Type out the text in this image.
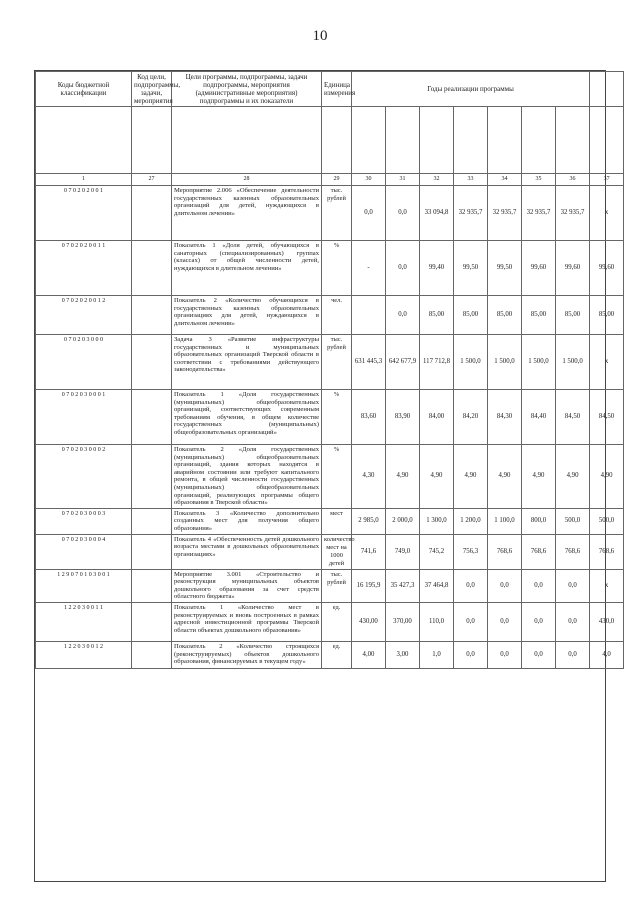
10
Коды бюджетной классификации	Код цели, подпрограммы, задачи, мероприятия	Цели программы, подпрограммы, задачи подпрограммы, мероприятия (административные мероприятия) подпрограммы и их показатели	Единица измерения	Годы реализации программы							

1	27	28	29	30	31	32	33	34	35	36	37
0 7 0 2 0 2 0 0 1		Мероприятие 2.006 «Обеспечение деятельности государственных казенных образовательных организаций для детей, нуждающихся в длительном лечении»	тыс. рублей	0,0	0,0	33 094,8	32 935,7	32 935,7	32 935,7	32 935,7	x
0 7 0 2 0 2 0 0 1 1		Показатель 1 «Доля детей, обучающихся в санаторных (специализированных) группах (классах) от общей численности детей, нуждающихся в длительном лечении»	%	-	0,0	99,40	99,50	99,50	99,60	99,60	99,60
0 7 0 2 0 2 0 0 1 2		Показатель 2 «Количество обучающихся в государственных казенных образовательных организациях для детей, нуждающихся в длительном лечении»	чел.		0,0	85,00	85,00	85,00	85,00	85,00	85,00
0 7 0 2 0 3 0 0 0		Задача 3 «Развитие инфраструктуры государственных и муниципальных образовательных организаций Тверской области в соответствии с требованиями действующего законодательства»	тыс. рублей	631 445,3	642 677,9	117 712,8	1 500,0	1 500,0	1 500,0	1 500,0	x
0 7 0 2 0 3 0 0 0 1		Показатель 1 «Доля государственных (муниципальных) общеобразовательных организаций, соответствующих современным требованиям обучения, в общем количестве государственных (муниципальных) общеобразовательных организаций»	%	83,60	83,90	84,00	84,20	84,30	84,40	84,50	84,50
0 7 0 2 0 3 0 0 0 2		Показатель 2 «Доля государственных (муниципальных) общеобразовательных организаций, здания которых находятся в аварийном состоянии или требуют капитального ремонта, в общей численности государственных (муниципальных) общеобразовательных организаций, реализующих программы общего образования в Тверской области»	%	4,30	4,90	4,90	4,90	4,90	4,90	4,90	4,90
0 7 0 2 0 3 0 0 0 3		Показатель 3 «Количество дополнительно созданных мест для получения общего образования»	мест	2 985,0	2 000,0	1 300,0	1 200,0	1 100,0	800,0	500,0	500,0
0 7 0 2 0 3 0 0 0 4		Показатель 4 «Обеспеченность детей дошкольного возраста местами в дошкольных образовательных организациях»	количество мест на 1000 детей	741,6	749,0	745,2	756,3	768,6	768,6	768,6	768,6
1 2 9 0 7 0 1 0 3 0 0 1		Мероприятие 3.001 «Строительство и реконструкция муниципальных объектов дошкольного образования за счет средств областного бюджета»	тыс. рублей	16 195,9	35 427,3	37 464,8	0,0	0,0	0,0	0,0	x
1 2 2 0 3 0 0 1 1		Показатель 1 «Количество мест в реконструируемых и вновь построенных в рамках адресной инвестиционной программы Тверской области объектах дошкольного образования»	ед.	430,00	370,00	110,0	0,0	0,0	0,0	0,0	430,0
1 2 2 0 3 0 0 1 2		Показатель 2 «Количество строящихся (реконструируемых) объектов дошкольного образования, финансируемых в текущем году»	ед.	4,00	3,00	1,0	0,0	0,0	0,0	0,0	4,0
